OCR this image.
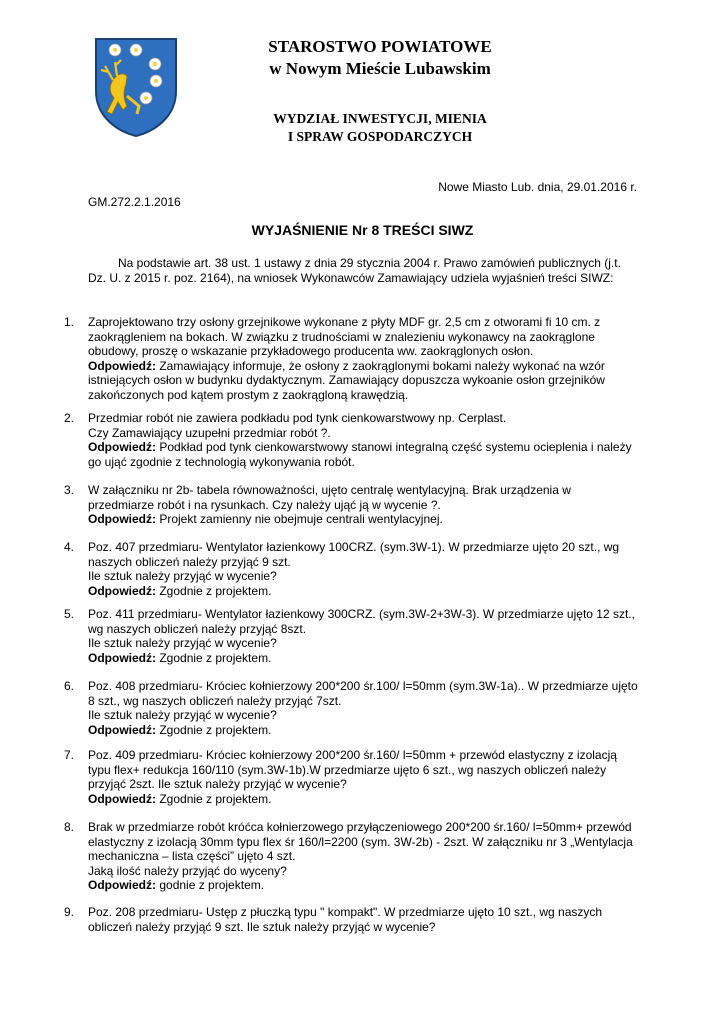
STAROSTWO POWIATOWE
w Nowym Mieście Lubawskim
WYDZIAŁ INWESTYCJI, MIENIA
I SPRAW GOSPODARCZYCH
Nowe Miasto Lub. dnia, 29.01.2016 r.
GM.272.2.1.2016
WYJAŚNIENIE Nr 8 TREŚCI SIWZ
Na podstawie art. 38 ust. 1 ustawy z dnia 29 stycznia 2004 r. Prawo zamówień publicznych (j.t. Dz. U. z 2015 r. poz. 2164), na wniosek Wykonawców Zamawiający udziela wyjaśnień treści SIWZ:
1.	Zaprojektowano trzy osłony grzejnikowe wykonane z płyty MDF gr. 2,5 cm z otworami fi 10 cm. z zaokrągleniem na bokach. W związku z trudnościami w znalezieniu wykonawcy na zaokrąglone obudowy, proszę o wskazanie przykładowego producenta ww. zaokrąglonych osłon.
Odpowiedź: Zamawiający informuje, że osłony z zaokrąglonymi bokami należy wykonać na wzór istniejących osłon w budynku dydaktycznym. Zamawiający dopuszcza wykoanie osłon grzejników zakończonych pod kątem prostym z zaokrągloną krawędzią.
2.	Przedmiar robót nie zawiera podkładu pod tynk cienkowarstwowy np. Cerplast.
Czy Zamawiający uzupełni przedmiar robót ?.
Odpowiedź: Podkład pod tynk cienkowarstwowy stanowi integralną część systemu ocieplenia i należy go ująć zgodnie z technologią wykonywania robót.
3.	W załączniku nr 2b- tabela równoważności, ujęto centralę wentylacyjną. Brak urządzenia w przedmiarze robót i na rysunkach. Czy należy ująć ją w wycenie ?.
Odpowiedź: Projekt zamienny nie obejmuje centrali wentylacyjnej.
4.	Poz. 407 przedmiaru- Wentylator łazienkowy 100CRZ. (sym.3W-1). W przedmiarze ujęto 20 szt., wg naszych obliczeń należy przyjąć 9 szt.
Ile sztuk należy przyjąć w wycenie?
Odpowiedź: Zgodnie z projektem.
5.	Poz. 411 przedmiaru- Wentylator łazienkowy 300CRZ. (sym.3W-2+3W-3). W przedmiarze ujęto 12 szt., wg naszych obliczeń należy przyjąć 8szt.
Ile sztuk należy przyjąć w wycenie?
Odpowiedź: Zgodnie z projektem.
6.	Poz. 408 przedmiaru- Króciec kołnierzowy 200*200 śr.100/ l=50mm (sym.3W-1a).. W przedmiarze ujęto 8 szt., wg naszych obliczeń należy przyjąć 7szt.
Ile sztuk należy przyjąć w wycenie?
Odpowiedź: Zgodnie z projektem.
7.	Poz. 409 przedmiaru- Króciec kołnierzowy 200*200 śr.160/ l=50mm + przewód elastyczny z izolacją typu flex+ redukcja 160/110 (sym.3W-1b).W przedmiarze ujęto 6 szt., wg naszych obliczeń należy przyjąć 2szt. Ile sztuk należy przyjąć w wycenie?
Odpowiedź: Zgodnie z projektem.
8.	Brak w przedmiarze robót króćca kołnierzowego przyłączeniowego 200*200 śr.160/ l=50mm+ przewód elastyczny z izolacją 30mm typu flex śr 160/l=2200 (sym. 3W-2b) - 2szt. W załączniku nr 3 „Wentylacja mechaniczna – lista części” ujęto 4 szt.
Jaką ilość należy przyjąć do wyceny?
Odpowiedź: godnie z projektem.
9.	Poz. 208 przedmiaru- Ustęp z płuczką typu " kompakt". W przedmiarze ujęto 10 szt., wg naszych obliczeń należy przyjąć 9 szt. Ile sztuk należy przyjąć w wycenie?
